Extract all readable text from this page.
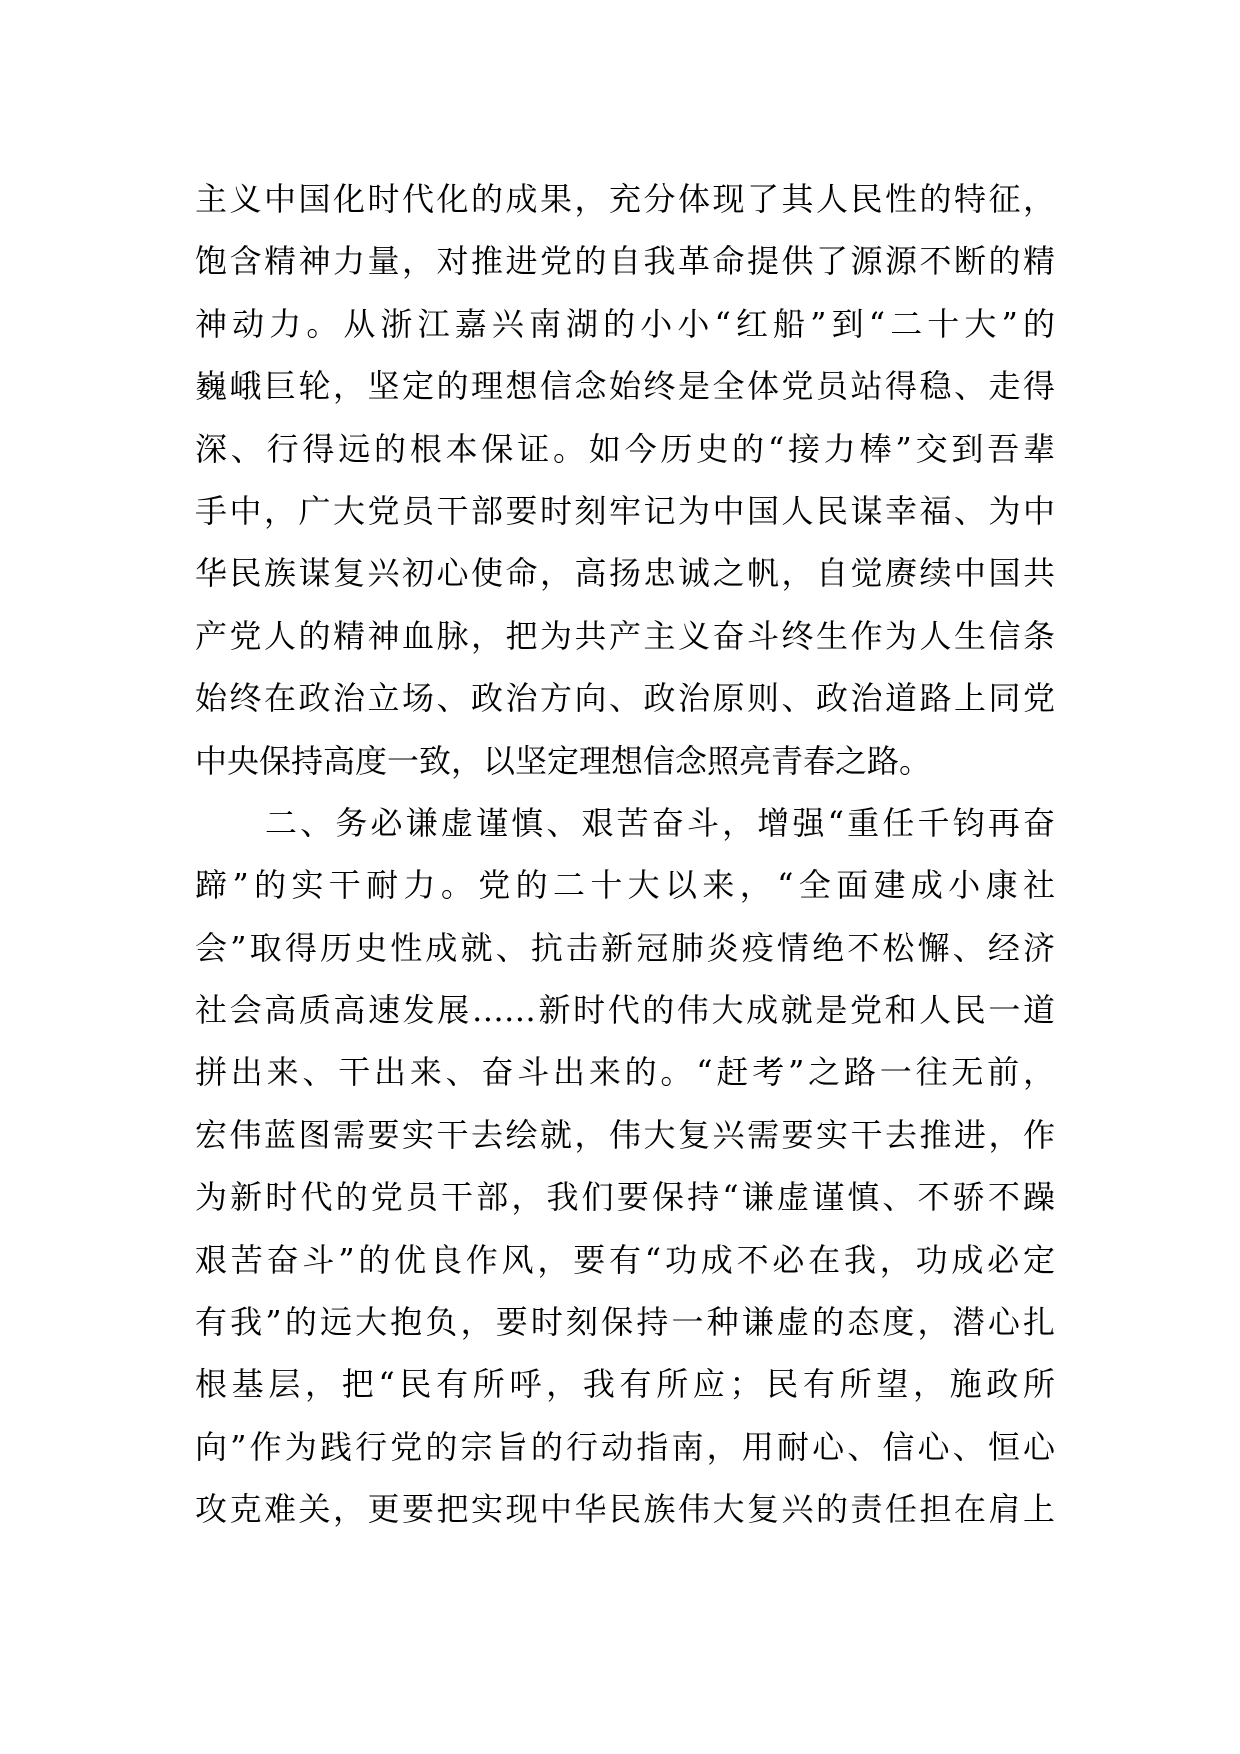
主义中国化时代化的成果，充分体现了其人民性的特征，
饱含精神力量，对推进党的自我革命提供了源源不断的精
神动力。从浙江嘉兴南湖的小小“红船”到“二十大”的
巍峨巨轮，坚定的理想信念始终是全体党员站得稳、走得
深、行得远的根本保证。如今历史的“接力棒”交到吾辈
手中，广大党员干部要时刻牢记为中国人民谋幸福、为中
华民族谋复兴初心使命，高扬忠诚之帆，自觉赓续中国共
产党人的精神血脉，把为共产主义奋斗终生作为人生信条
始终在政治立场、政治方向、政治原则、政治道路上同党
中央保持高度一致，以坚定理想信念照亮青春之路。
二、务必谦虚谨慎、艰苦奋斗，增强“重任千钧再奋
蹄”的实干耐力。党的二十大以来，“全面建成小康社
会”取得历史性成就、抗击新冠肺炎疫情绝不松懈、经济
社会高质高速发展……新时代的伟大成就是党和人民一道
拼出来、干出来、奋斗出来的。“赶考”之路一往无前，
宏伟蓝图需要实干去绘就，伟大复兴需要实干去推进，作
为新时代的党员干部，我们要保持“谦虚谨慎、不骄不躁
艰苦奋斗”的优良作风，要有“功成不必在我，功成必定
有我”的远大抱负，要时刻保持一种谦虚的态度，潜心扎
根基层，把“民有所呼，我有所应；民有所望，施政所
向”作为践行党的宗旨的行动指南，用耐心、信心、恒心
攻克难关，更要把实现中华民族伟大复兴的责任担在肩上
